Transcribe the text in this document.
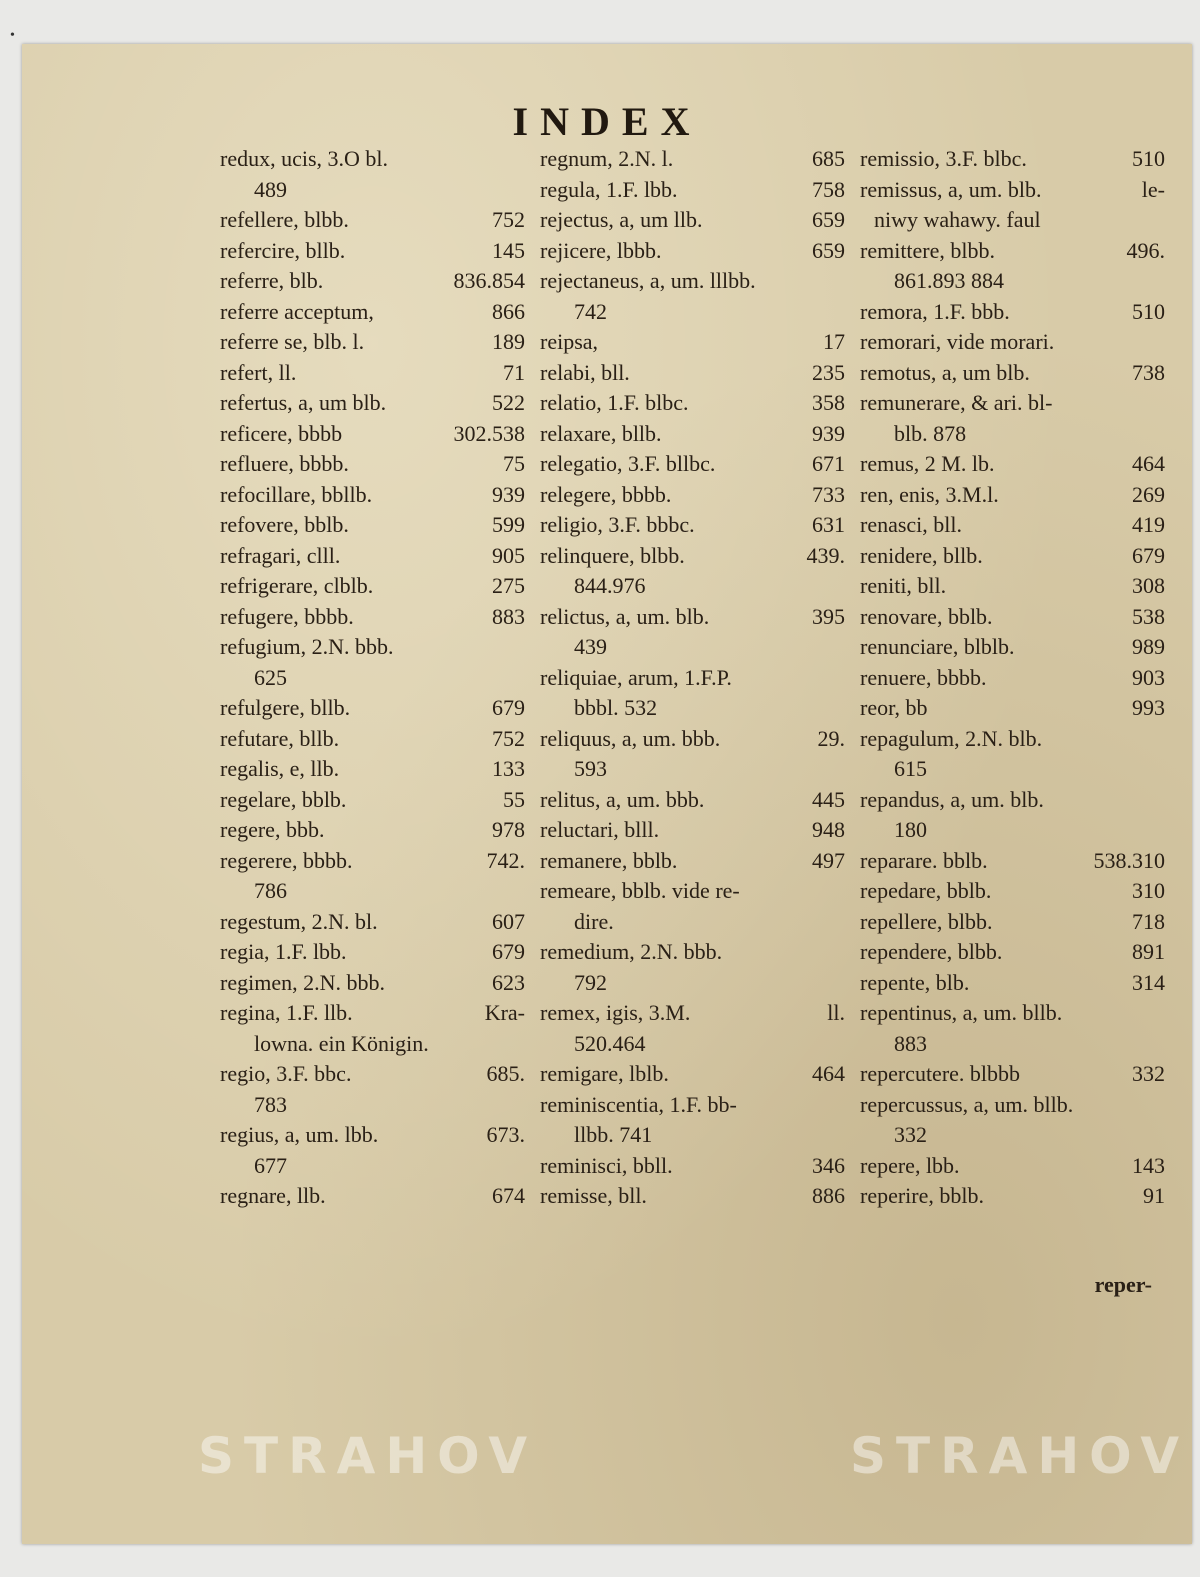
•
INDEX
redux, ucis, 3.O bl.
489
refellere, blbb.	752
refercire, bllb.	145
referre, blb.	836.854
referre acceptum,	866
referre se, blb. l.	189
refert, ll.	71
refertus, a, um blb.	522
reficere, bbbb	302.538
refluere, bbbb.	75
refocillare, bbllb.	939
refovere, bblb.	599
refragari, clll.	905
refrigerare, clblb.	275
refugere, bbbb.	883
refugium, 2.N. bbb.
625
refulgere, bllb.	679
refutare, bllb.	752
regalis, e, llb.	133
regelare, bblb.	55
regere, bbb.	978
regerere, bbbb.	742.
786
regestum, 2.N. bl.	607
regia, 1.F. lbb.	679
regimen, 2.N. bbb.	623
regina, 1.F. llb.	Kra-
lowna. ein Königin.
regio, 3.F. bbc.	685.
783
regius, a, um. lbb.	673.
677
regnare, llb.	674
regnum, 2.N. l.	685
regula, 1.F. lbb.	758
rejectus, a, um llb.	659
rejicere, lbbb.	659
rejectaneus, a, um. lllbb.
742
reipsa,	17
relabi, bll.	235
relatio, 1.F. blbc.	358
relaxare, bllb.	939
relegatio, 3.F. bllbc.	671
relegere, bbbb.	733
religio, 3.F. bbbc.	631
relinquere, blbb.	439.
844.976
relictus, a, um. blb.	395
439
reliquiae, arum, 1.F.P.
bbbl. 532
reliquus, a, um. bbb.	29.
593
relitus, a, um. bbb.	445
reluctari, blll.	948
remanere, bblb.	497
remeare, bblb. vide re-
dire.
remedium, 2.N. bbb.
792
remex, igis, 3.M.	ll.
520.464
remigare, lblb.	464
reminiscentia, 1.F. bb-
llbb. 741
reminisci, bbll.	346
remisse, bll.	886
remissio, 3.F. blbc.	510
remissus, a, um. blb.	le-
niwy wahawy. faul
remittere, blbb.	496.
861.893 884
remora, 1.F. bbb.	510
remorari, vide morari.
remotus, a, um blb.	738
remunerare, & ari. bl-
blb. 878
remus, 2 M. lb.	464
ren, enis, 3.M.l.	269
renasci, bll.	419
renidere, bllb.	679
reniti, bll.	308
renovare, bblb.	538
renunciare, blblb.	989
renuere, bbbb.	903
reor, bb	993
repagulum, 2.N. blb.
615
repandus, a, um. blb.
180
reparare. bblb.	538.310
repedare, bblb.	310
repellere, blbb.	718
rependere, blbb.	891
repente, blb.	314
repentinus, a, um. bllb.
883
repercutere. blbbb	332
repercussus, a, um. bllb.
332
repere, lbb.	143
reperire, bblb.	91
reper-
STRAHOV	STRAHOV
